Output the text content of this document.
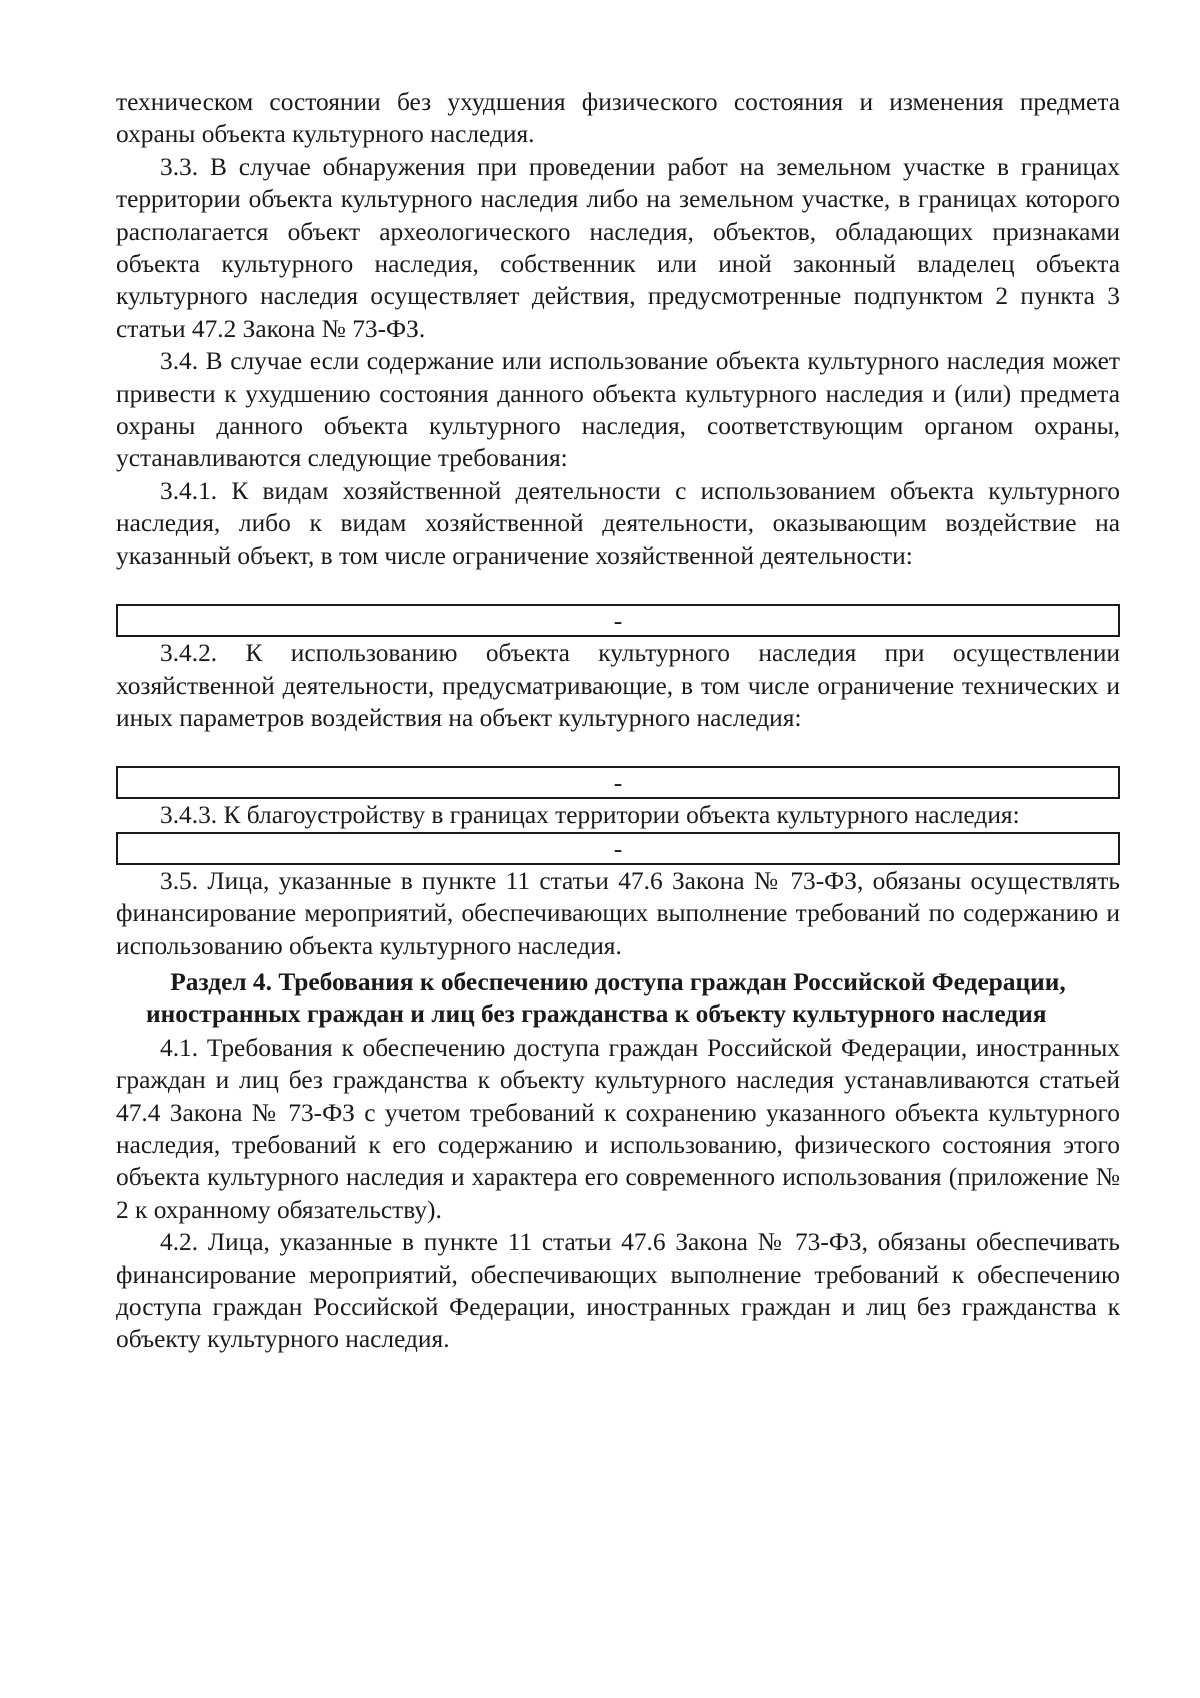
техническом состоянии без ухудшения физического состояния и изменения предмета охраны объекта культурного наследия.

3.3. В случае обнаружения при проведении работ на земельном участке в границах территории объекта культурного наследия либо на земельном участке, в границах которого располагается объект археологического наследия, объектов, обладающих признаками объекта культурного наследия, собственник или иной законный владелец объекта культурного наследия осуществляет действия, предусмотренные подпунктом 2 пункта 3 статьи 47.2 Закона № 73-ФЗ.

3.4. В случае если содержание или использование объекта культурного наследия может привести к ухудшению состояния данного объекта культурного наследия и (или) предмета охраны данного объекта культурного наследия, соответствующим органом охраны, устанавливаются следующие требования:

3.4.1. К видам хозяйственной деятельности с использованием объекта культурного наследия, либо к видам хозяйственной деятельности, оказывающим воздействие на указанный объект, в том числе ограничение хозяйственной деятельности:

-

3.4.2. К использованию объекта культурного наследия при осуществлении хозяйственной деятельности, предусматривающие, в том числе ограничение технических и иных параметров воздействия на объект культурного наследия:

-

3.4.3. К благоустройству в границах территории объекта культурного наследия:

-

3.5. Лица, указанные в пункте 11 статьи 47.6 Закона № 73-ФЗ, обязаны осуществлять финансирование мероприятий, обеспечивающих выполнение требований по содержанию и использованию объекта культурного наследия.

Раздел 4. Требования к обеспечению доступа граждан Российской Федерации, иностранных граждан и лиц без гражданства к объекту культурного наследия

4.1. Требования к обеспечению доступа граждан Российской Федерации, иностранных граждан и лиц без гражданства к объекту культурного наследия устанавливаются статьей 47.4 Закона № 73-ФЗ с учетом требований к сохранению указанного объекта культурного наследия, требований к его содержанию и использованию, физического состояния этого объекта культурного наследия и характера его современного использования (приложение № 2 к охранному обязательству).

4.2. Лица, указанные в пункте 11 статьи 47.6 Закона № 73-ФЗ, обязаны обеспечивать финансирование мероприятий, обеспечивающих выполнение требований к обеспечению доступа граждан Российской Федерации, иностранных граждан и лиц без гражданства к объекту культурного наследия.
